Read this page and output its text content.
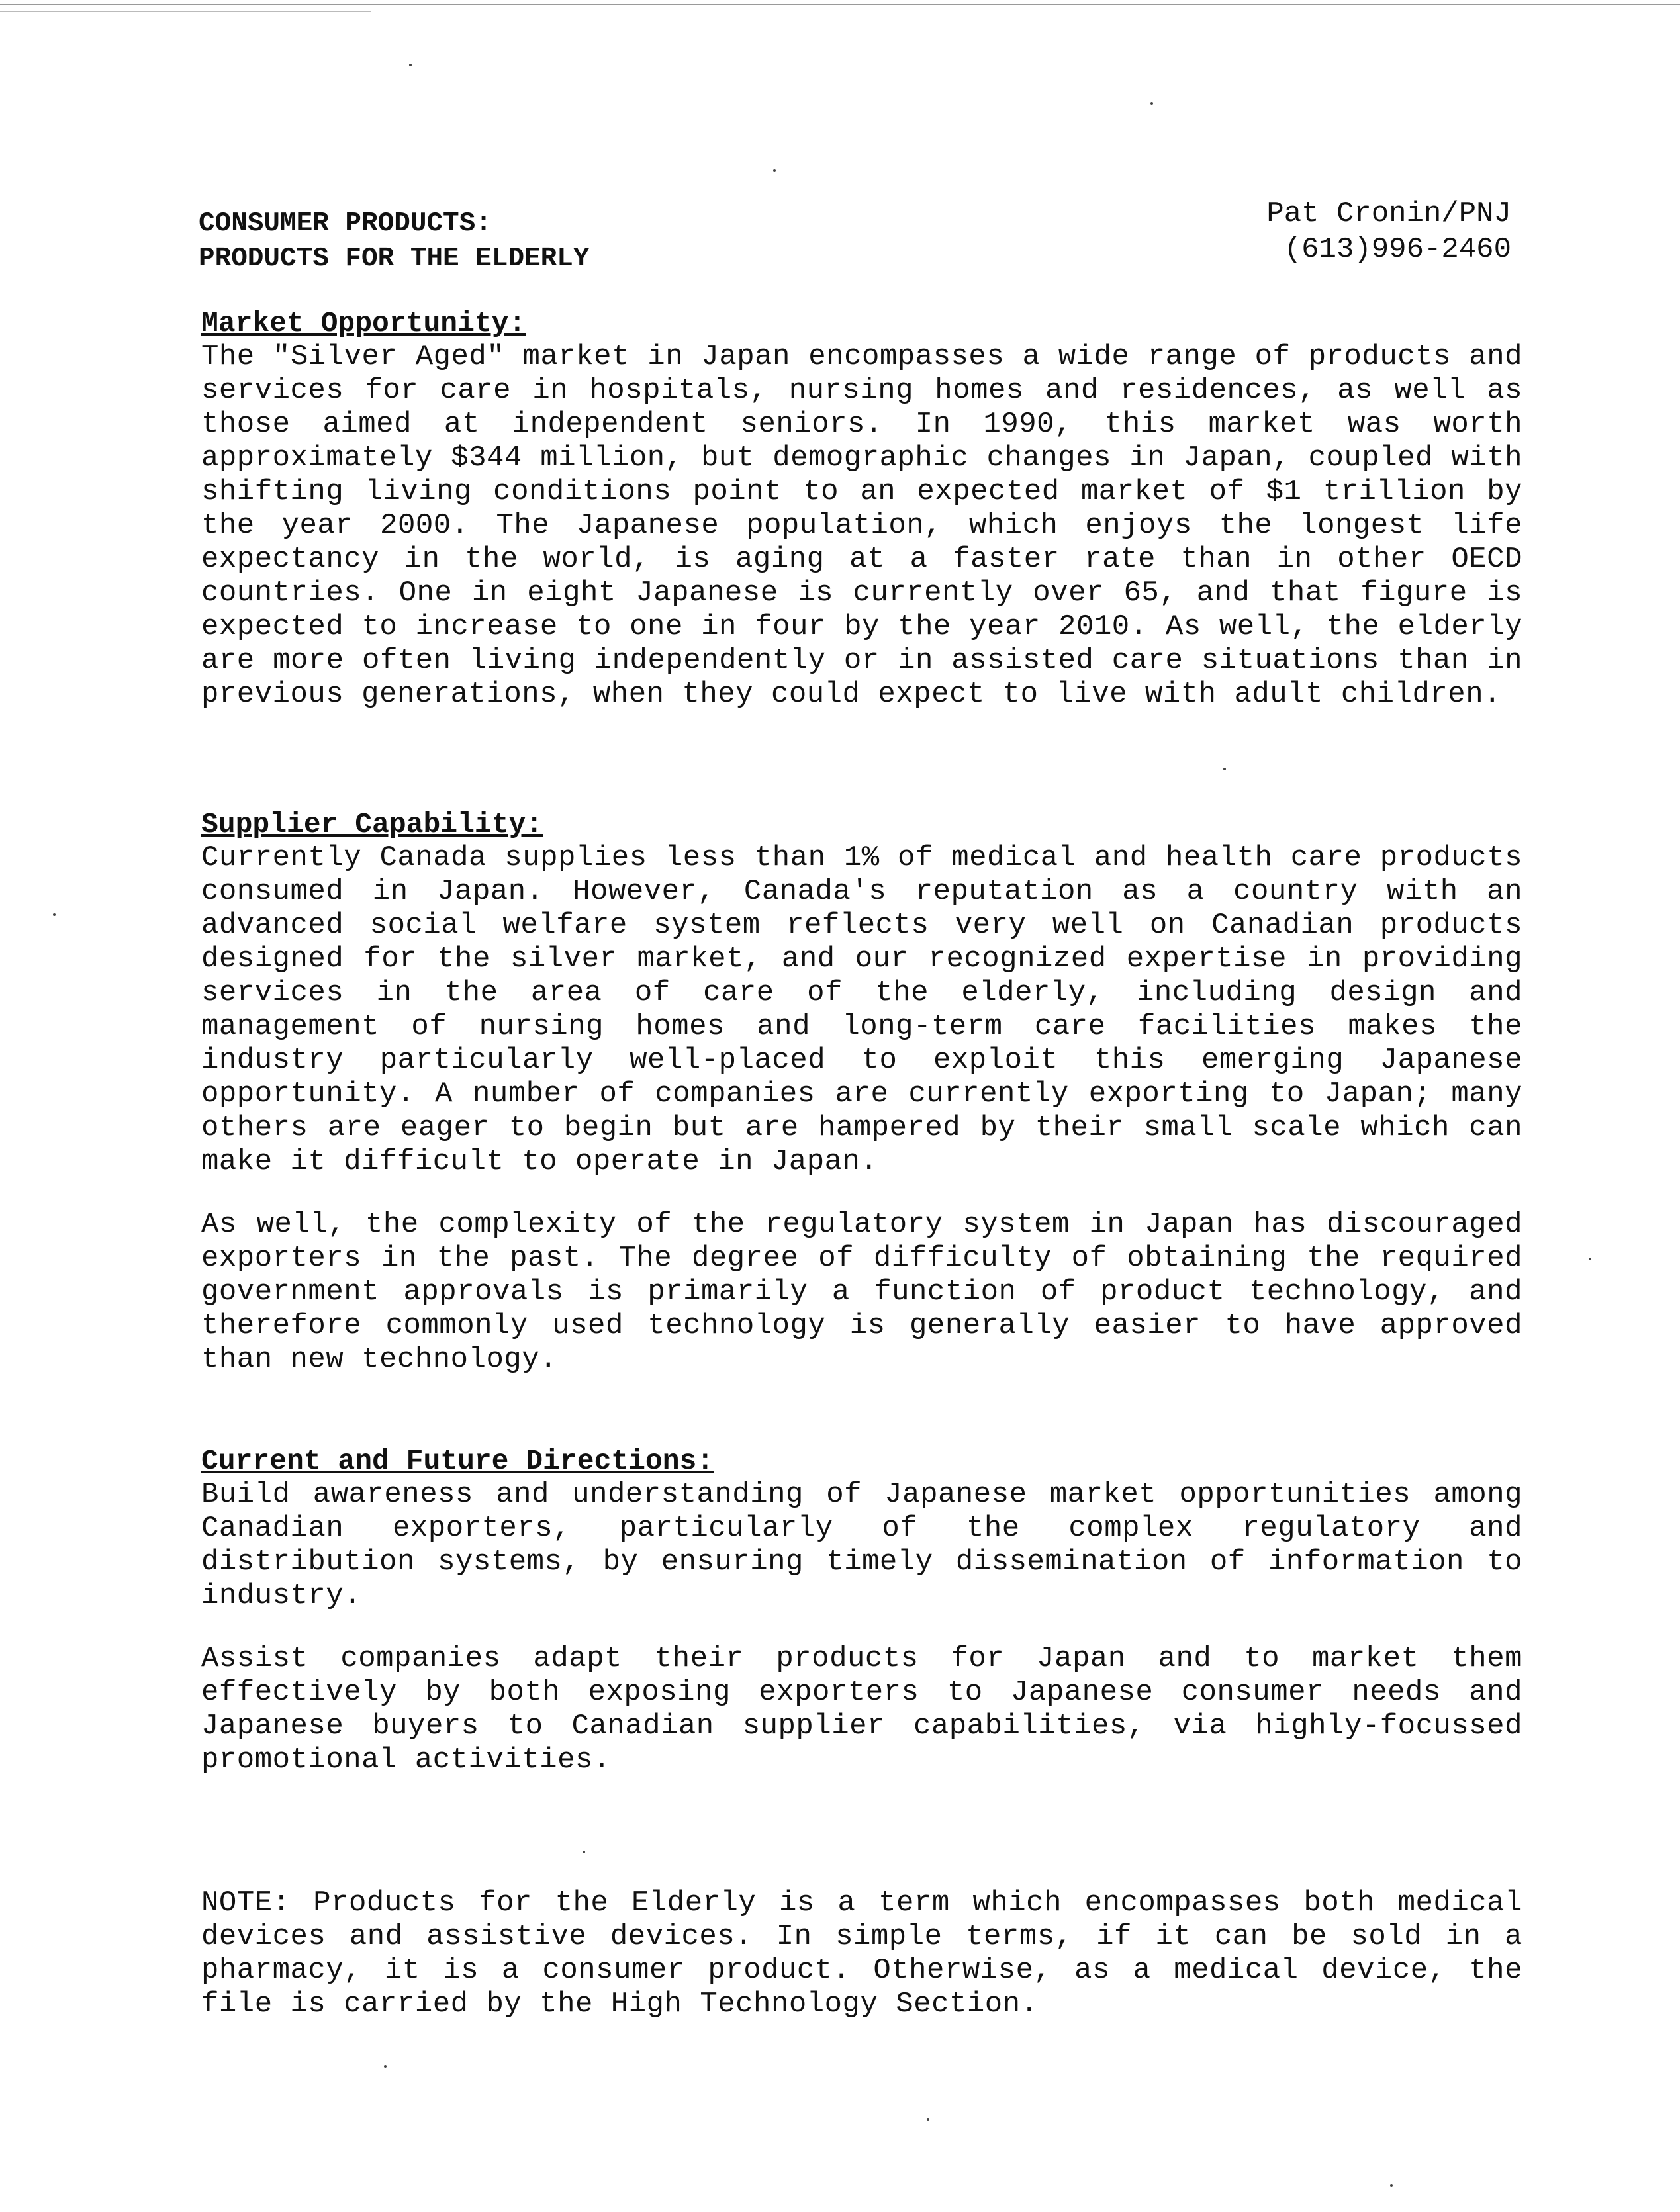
CONSUMER PRODUCTS:
PRODUCTS FOR THE ELDERLY
Pat Cronin/PNJ
(613)996-2460
Market Opportunity:

The "Silver Aged" market in Japan encompasses a wide range of products and services for care in hospitals, nursing homes and residences, as well as those aimed at independent seniors. In 1990, this market was worth approximately $344 million, but demographic changes in Japan, coupled with shifting living conditions point to an expected market of $1 trillion by the year 2000. The Japanese population, which enjoys the longest life expectancy in the world, is aging at a faster rate than in other OECD countries. One in eight Japanese is currently over 65, and that figure is expected to increase to one in four by the year 2010. As well, the elderly are more often living independently or in assisted care situations than in previous generations, when they could expect to live with adult children.

Supplier Capability:

Currently Canada supplies less than 1% of medical and health care products consumed in Japan. However, Canada's reputation as a country with an advanced social welfare system reflects very well on Canadian products designed for the silver market, and our recognized expertise in providing services in the area of care of the elderly, including design and management of nursing homes and long-term care facilities makes the industry particularly well-placed to exploit this emerging Japanese opportunity. A number of companies are currently exporting to Japan; many others are eager to begin but are hampered by their small scale which can make it difficult to operate in Japan.

As well, the complexity of the regulatory system in Japan has discouraged exporters in the past. The degree of difficulty of obtaining the required government approvals is primarily a function of product technology, and therefore commonly used technology is generally easier to have approved than new technology.

Current and Future Directions:

Build awareness and understanding of Japanese market opportunities among Canadian exporters, particularly of the complex regulatory and distribution systems, by ensuring timely dissemination of information to industry.

Assist companies adapt their products for Japan and to market them effectively by both exposing exporters to Japanese consumer needs and Japanese buyers to Canadian supplier capabilities, via highly-focussed promotional activities.

NOTE: Products for the Elderly is a term which encompasses both medical devices and assistive devices. In simple terms, if it can be sold in a pharmacy, it is a consumer product. Otherwise, as a medical device, the file is carried by the High Technology Section.
